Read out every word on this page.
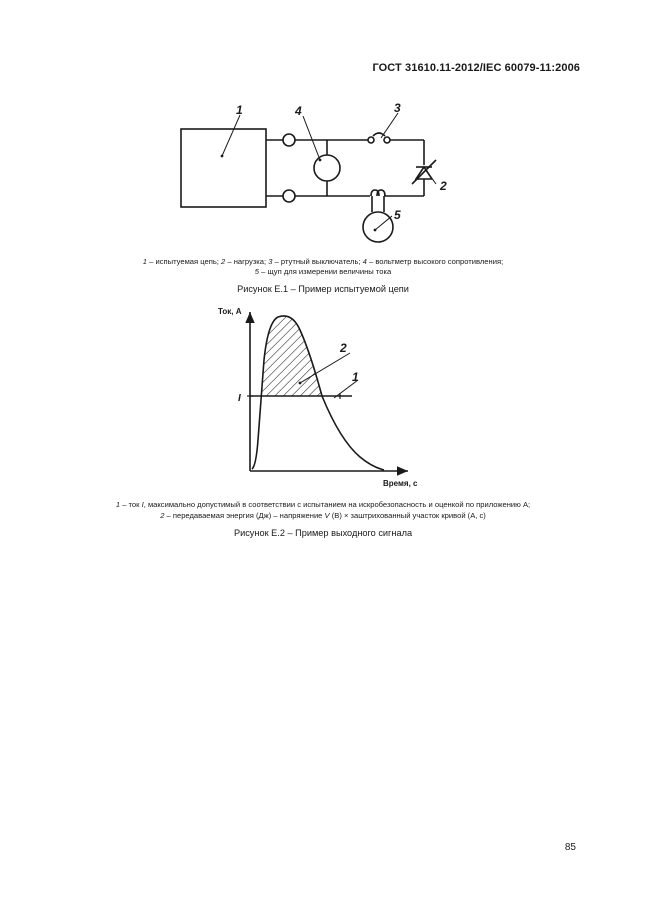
ГОСТ 31610.11-2012/IEC 60079-11:2006
1	4	3
2
5
Ток, А
Время, с
I
2
1
1 – испытуемая цепь; 2 – нагрузка; 3 – ртутный выключатель; 4 – вольтметр высокого сопротивления;
5 – щуп для измерении величины тока
Рисунок Е.1 – Пример испытуемой цепи
1 – ток I, максимально допустимый в соответствии с испытанием на искробезопасность и оценкой по приложению А;
2 – передаваемая энергия (Дж) – напряжение V (В) × заштрихованный участок кривой (А, с)
Рисунок Е.2 – Пример выходного сигнала
85
